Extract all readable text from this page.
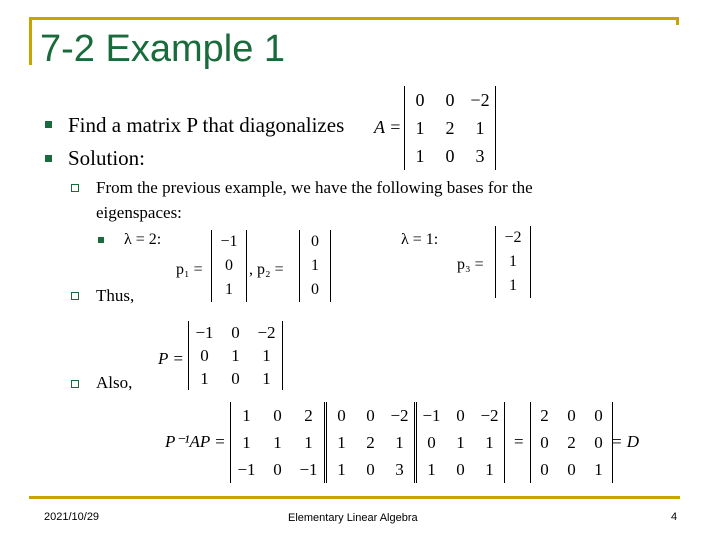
7-2 Example 1
Find a matrix P that diagonalizes A =
0	0	−2
1	2	1
1	0	3
Solution:
From the previous example, we have the following bases for the
eigenspaces:
λ = 2:
p₁ =
−1
0
1
, p₂ =
0
1
0
λ = 1:
p₃ =
−2
1
1
Thus,
P =
−1	0	−2
0	1	1
1	0	1
Also,
P⁻¹AP =
1	0	2
1	1	1
−1	0	−1
0	0	−2
1	2	1
1	0	3
−1	0	−2
0	1	1
1	0	1
=
2	0	0
0	2	0
0	0	1
= D
2021/10/29	Elementary Linear Algebra	4
